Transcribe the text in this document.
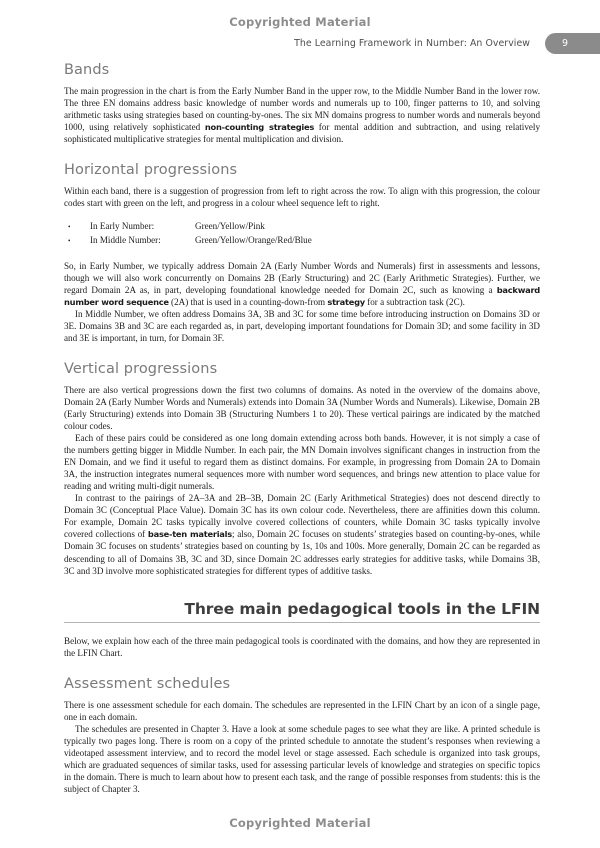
Copyrighted Material
The Learning Framework in Number: An Overview	9
Bands

The main progression in the chart is from the Early Number Band in the upper row, to the Middle Number Band in the lower row. The three EN domains address basic knowledge of number words and numerals up to 100, finger patterns to 10, and solving arithmetic tasks using strategies based on counting-by-ones. The six MN domains progress to number words and numerals beyond 1000, using relatively sophisticated non-counting strategies for mental addition and subtraction, and using relatively sophisticated multiplicative strategies for mental multiplication and division.

Horizontal progressions

Within each band, there is a suggestion of progression from left to right across the row. To align with this progression, the colour codes start with green on the left, and progress in a colour wheel sequence left to right.

•	In Early Number:	Green/Yellow/Pink
•	In Middle Number:	Green/Yellow/Orange/Red/Blue

So, in Early Number, we typically address Domain 2A (Early Number Words and Numerals) first in assessments and lessons, though we will also work concurrently on Domains 2B (Early Structuring) and 2C (Early Arithmetic Strategies). Further, we regard Domain 2A as, in part, developing foundational knowledge needed for Domain 2C, such as knowing a backward number word sequence (2A) that is used in a counting-down-from strategy for a subtraction task (2C).

In Middle Number, we often address Domains 3A, 3B and 3C for some time before introducing instruction on Domains 3D or 3E. Domains 3B and 3C are each regarded as, in part, developing important foundations for Domain 3D; and some facility in 3D and 3E is important, in turn, for Domain 3F.

Vertical progressions

There are also vertical progressions down the first two columns of domains. As noted in the overview of the domains above, Domain 2A (Early Number Words and Numerals) extends into Domain 3A (Number Words and Numerals). Likewise, Domain 2B (Early Structuring) extends into Domain 3B (Structuring Numbers 1 to 20). These vertical pairings are indicated by the matched colour codes.

Each of these pairs could be considered as one long domain extending across both bands. However, it is not simply a case of the numbers getting bigger in Middle Number. In each pair, the MN Domain involves significant changes in instruction from the EN Domain, and we find it useful to regard them as distinct domains. For example, in progressing from Domain 2A to Domain 3A, the instruction integrates numeral sequences more with number word sequences, and brings new attention to place value for reading and writing multi-digit numerals.

In contrast to the pairings of 2A–3A and 2B–3B, Domain 2C (Early Arithmetical Strategies) does not descend directly to Domain 3C (Conceptual Place Value). Domain 3C has its own colour code. Nevertheless, there are affinities down this column. For example, Domain 2C tasks typically involve covered collections of counters, while Domain 3C tasks typically involve covered collections of base-ten materials; also, Domain 2C focuses on students’ strategies based on counting-by-ones, while Domain 3C focuses on students’ strategies based on counting by 1s, 10s and 100s. More generally, Domain 2C can be regarded as descending to all of Domains 3B, 3C and 3D, since Domain 2C addresses early strategies for additive tasks, while Domains 3B, 3C and 3D involve more sophisticated strategies for different types of additive tasks.

Three main pedagogical tools in the LFIN

Below, we explain how each of the three main pedagogical tools is coordinated with the domains, and how they are represented in the LFIN Chart.

Assessment schedules

There is one assessment schedule for each domain. The schedules are represented in the LFIN Chart by an icon of a single page, one in each domain.

The schedules are presented in Chapter 3. Have a look at some schedule pages to see what they are like. A printed schedule is typically two pages long. There is room on a copy of the printed schedule to annotate the student’s responses when reviewing a videotaped assessment interview, and to record the model level or stage assessed. Each schedule is organized into task groups, which are graduated sequences of similar tasks, used for assessing particular levels of knowledge and strategies on specific topics in the domain. There is much to learn about how to present each task, and the range of possible responses from students: this is the subject of Chapter 3.

Copyrighted Material
